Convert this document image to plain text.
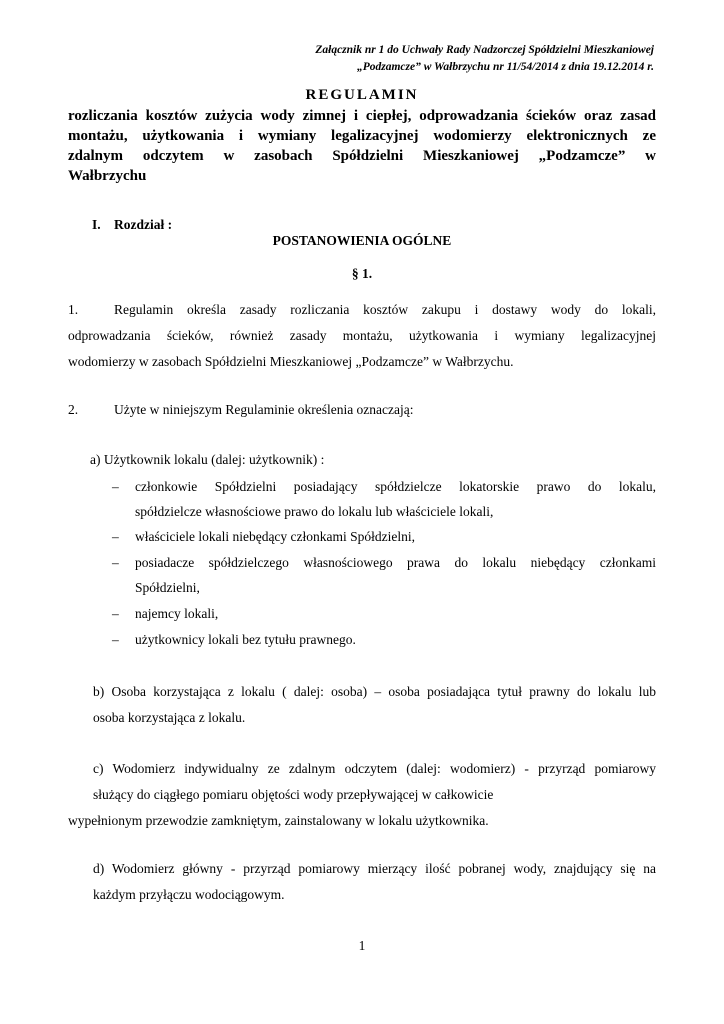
Załącznik nr 1 do Uchwały Rady Nadzorczej Spółdzielni Mieszkaniowej
„Podzamcze” w Wałbrzychu nr 11/54/2014 z dnia 19.12.2014 r.
REGULAMIN
rozliczania kosztów zużycia wody zimnej i ciepłej, odprowadzania ścieków oraz zasad
montażu, użytkowania i wymiany legalizacyjnej wodomierzy elektronicznych ze
zdalnym odczytem w zasobach Spółdzielni Mieszkaniowej „Podzamcze” w
Wałbrzychu
I. Rozdział :
POSTANOWIENIA OGÓLNE
§ 1.
1.	Regulamin określa zasady rozliczania kosztów zakupu i dostawy wody do lokali,
odprowadzania ścieków, również zasady montażu, użytkowania i wymiany legalizacyjnej
wodomierzy w zasobach Spółdzielni Mieszkaniowej „Podzamcze” w Wałbrzychu.
2.	Użyte w niniejszym Regulaminie określenia oznaczają:
a) Użytkownik lokalu (dalej: użytkownik) :
– członkowie Spółdzielni posiadający spółdzielcze lokatorskie prawo do lokalu,
spółdzielcze własnościowe prawo do lokalu lub właściciele lokali,
– właściciele lokali niebędący członkami Spółdzielni,
– posiadacze spółdzielczego własnościowego prawa do lokalu niebędący członkami
Spółdzielni,
– najemcy lokali,
– użytkownicy lokali bez tytułu prawnego.
b) Osoba korzystająca z lokalu ( dalej: osoba) – osoba posiadająca tytuł prawny do lokalu lub
osoba korzystająca z lokalu.
c) Wodomierz indywidualny ze zdalnym odczytem (dalej: wodomierz) - przyrząd pomiarowy
służący do ciągłego pomiaru objętości wody przepływającej w całkowicie
wypełnionym przewodzie zamkniętym, zainstalowany w lokalu użytkownika.
d) Wodomierz główny - przyrząd pomiarowy mierzący ilość pobranej wody, znajdujący się na
każdym przyłączu wodociągowym.
1
